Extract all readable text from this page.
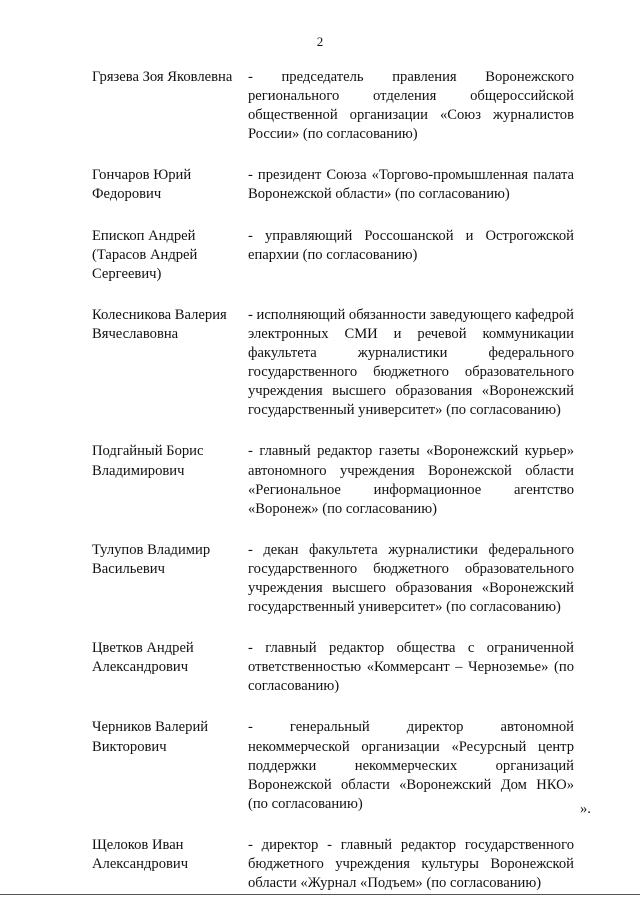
2
Грязева Зоя Яковлевна	- председатель правления Воронежского регионального отделения общероссийской общественной организации «Союз журналистов России» (по согласованию)
Гончаров Юрий Федорович
- президент Союза «Торгово-промышленная палата Воронежской области» (по согласованию)
Епископ Андрей (Тарасов Андрей Сергеевич)
- управляющий Россошанской и Острогожской епархии (по согласованию)
Колесникова Валерия Вячеславовна
- исполняющий обязанности заведующего кафедрой электронных СМИ и речевой коммуникации факультета журналистики федерального государственного бюджетного образовательного учреждения высшего образования «Воронежский государственный университет» (по согласованию)
Подгайный Борис Владимирович
- главный редактор газеты «Воронежский курьер» автономного учреждения Воронежской области «Региональное информационное агентство «Воронеж» (по согласованию)
Тулупов Владимир Васильевич
- декан факультета журналистики федерального государственного бюджетного образовательного учреждения высшего образования «Воронежский государственный университет» (по согласованию)
Цветков Андрей Александрович
- главный редактор общества с ограниченной ответственностью «Коммерсант – Черноземье» (по согласованию)
Черников Валерий Викторович
- генеральный директор автономной некоммерческой организации «Ресурсный центр поддержки некоммерческих организаций Воронежской области «Воронежский Дом НКО» (по согласованию)
Щелоков Иван Александрович
- директор - главный редактор государственного бюджетного учреждения культуры Воронежской области «Журнал «Подъем» (по согласованию)
».
